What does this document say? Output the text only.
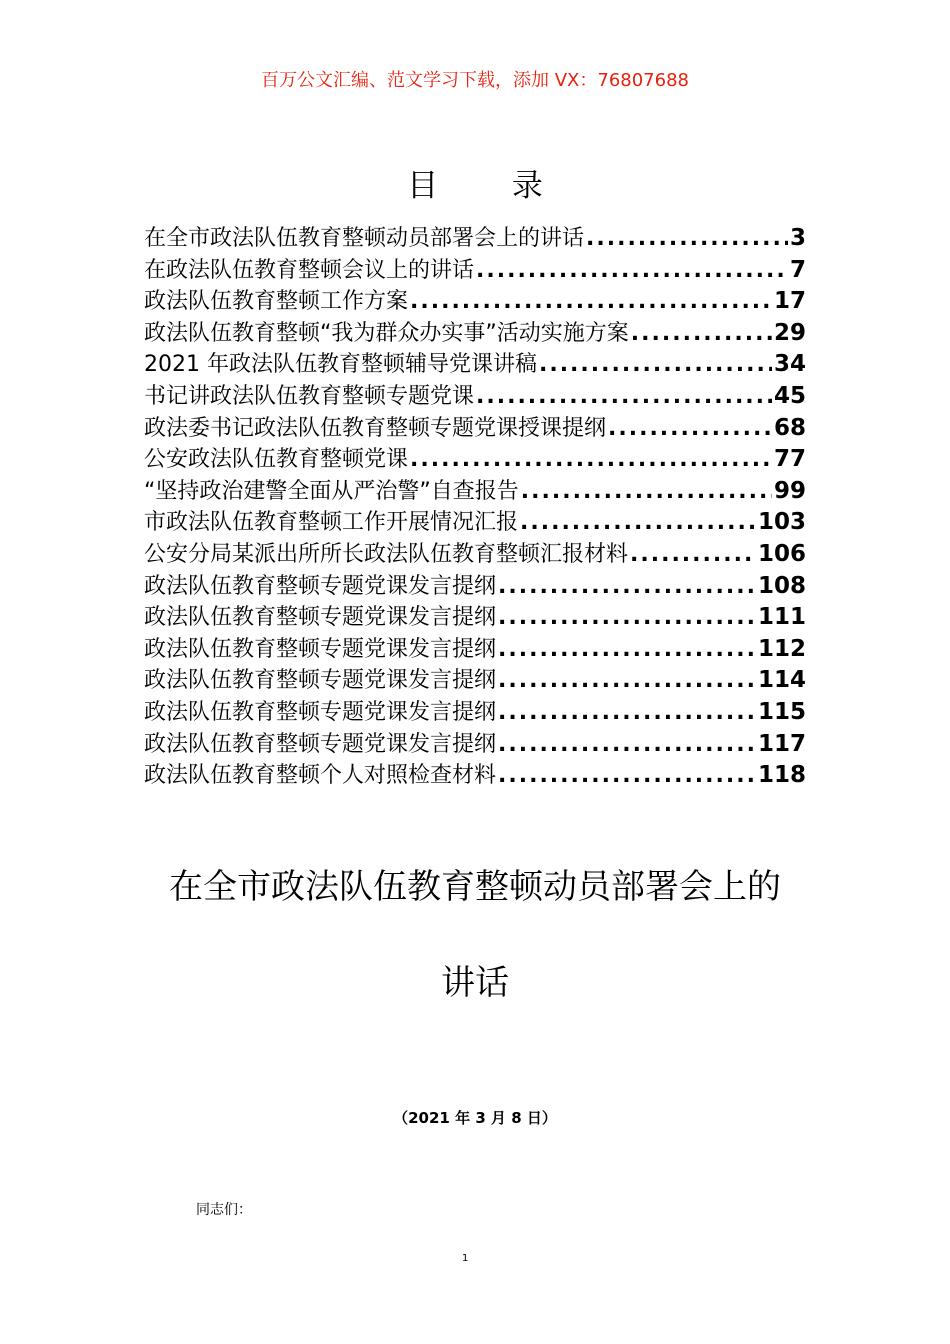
百万公文汇编、范文学习下载，添加 VX：76807688
目 录
在全市政法队伍教育整顿动员部署会上的讲话 .....	3
在政法队伍教育整顿会议上的讲话 .....	7
政法队伍教育整顿工作方案 .....	17
政法队伍教育整顿“我为群众办实事”活动实施方案 .....	29
2021 年政法队伍教育整顿辅导党课讲稿 .....	34
书记讲政法队伍教育整顿专题党课 .....	45
政法委书记政法队伍教育整顿专题党课授课提纲 .....	68
公安政法队伍教育整顿党课 .....	77
“坚持政治建警全面从严治警”自查报告 .....	99
市政法队伍教育整顿工作开展情况汇报 .....	103
公安分局某派出所所长政法队伍教育整顿汇报材料 .....	106
政法队伍教育整顿专题党课发言提纲 .....	108
政法队伍教育整顿专题党课发言提纲 .....	111
政法队伍教育整顿专题党课发言提纲 .....	112
政法队伍教育整顿专题党课发言提纲 .....	114
政法队伍教育整顿专题党课发言提纲 .....	115
政法队伍教育整顿专题党课发言提纲 .....	117
政法队伍教育整顿个人对照检查材料 .....	118
在全市政法队伍教育整顿动员部署会上的
讲话
（2021 年 3 月 8 日）
同志们：
1
